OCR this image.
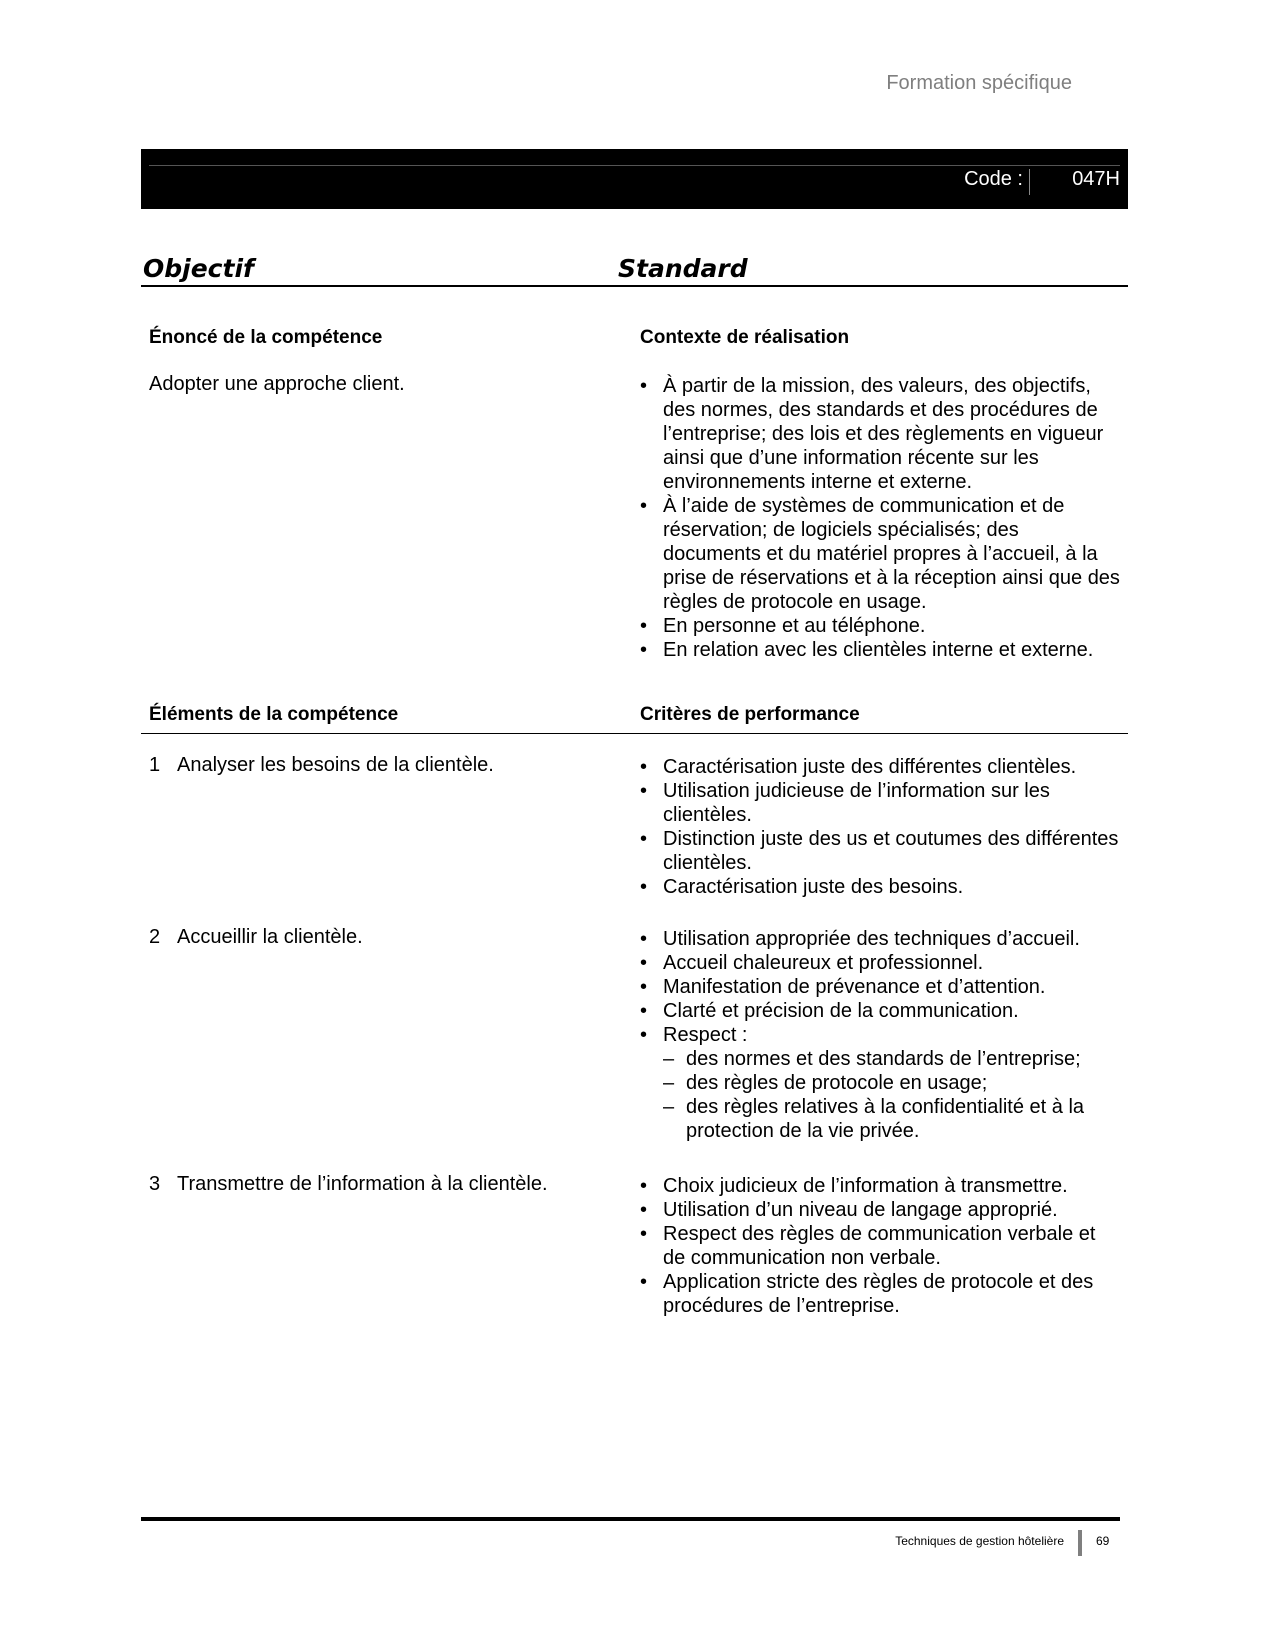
Formation spécifique
Code : 047H
Objectif	Standard
Énoncé de la compétence	Contexte de réalisation
Adopter une approche client.	• À partir de la mission, des valeurs, des objectifs, des normes, des standards et des procédures de l’entreprise; des lois et des règlements en vigueur ainsi que d’une information récente sur les environnements interne et externe.
• À l’aide de systèmes de communication et de réservation; de logiciels spécialisés; des documents et du matériel propres à l’accueil, à la prise de réservations et à la réception ainsi que des règles de protocole en usage.
• En personne et au téléphone.
• En relation avec les clientèles interne et externe.
Éléments de la compétence	Critères de performance
1 Analyser les besoins de la clientèle.	• Caractérisation juste des différentes clientèles.
• Utilisation judicieuse de l’information sur les clientèles.
• Distinction juste des us et coutumes des différentes clientèles.
• Caractérisation juste des besoins.
2 Accueillir la clientèle.	• Utilisation appropriée des techniques d’accueil.
• Accueil chaleureux et professionnel.
• Manifestation de prévenance et d’attention.
• Clarté et précision de la communication.
• Respect :
– des normes et des standards de l’entreprise;
– des règles de protocole en usage;
– des règles relatives à la confidentialité et à la protection de la vie privée.
3 Transmettre de l’information à la clientèle.	• Choix judicieux de l’information à transmettre.
• Utilisation d’un niveau de langage approprié.
• Respect des règles de communication verbale et de communication non verbale.
• Application stricte des règles de protocole et des procédures de l’entreprise.
Techniques de gestion hôtelière	69
